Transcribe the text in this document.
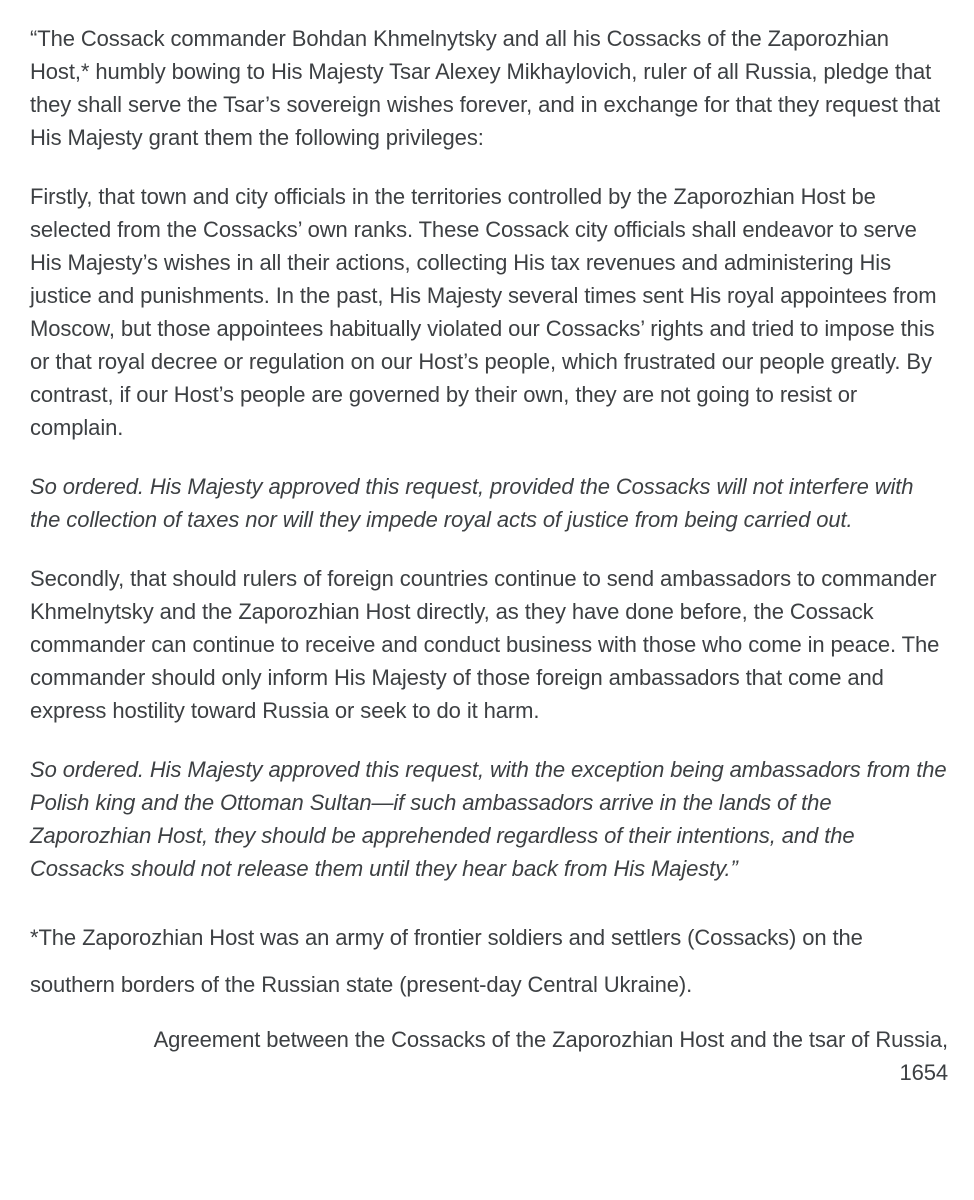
“The Cossack commander Bohdan Khmelnytsky and all his Cossacks of the Zaporozhian Host,* humbly bowing to His Majesty Tsar Alexey Mikhaylovich, ruler of all Russia, pledge that they shall serve the Tsar’s sovereign wishes forever, and in exchange for that they request that His Majesty grant them the following privileges:

Firstly, that town and city officials in the territories controlled by the Zaporozhian Host be selected from the Cossacks’ own ranks. These Cossack city officials shall endeavor to serve His Majesty’s wishes in all their actions, collecting His tax revenues and administering His justice and punishments. In the past, His Majesty several times sent His royal appointees from Moscow, but those appointees habitually violated our Cossacks’ rights and tried to impose this or that royal decree or regulation on our Host’s people, which frustrated our people greatly. By contrast, if our Host’s people are governed by their own, they are not going to resist or complain.

So ordered. His Majesty approved this request, provided the Cossacks will not interfere with the collection of taxes nor will they impede royal acts of justice from being carried out.

Secondly, that should rulers of foreign countries continue to send ambassadors to commander Khmelnytsky and the Zaporozhian Host directly, as they have done before, the Cossack commander can continue to receive and conduct business with those who come in peace. The commander should only inform His Majesty of those foreign ambassadors that come and express hostility toward Russia or seek to do it harm.

So ordered. His Majesty approved this request, with the exception being ambassadors from the Polish king and the Ottoman Sultan—if such ambassadors arrive in the lands of the Zaporozhian Host, they should be apprehended regardless of their intentions, and the Cossacks should not release them until they hear back from His Majesty.”

*The Zaporozhian Host was an army of frontier soldiers and settlers (Cossacks) on the

southern borders of the Russian state (present-day Central Ukraine).

Agreement between the Cossacks of the Zaporozhian Host and the tsar of Russia,
1654
